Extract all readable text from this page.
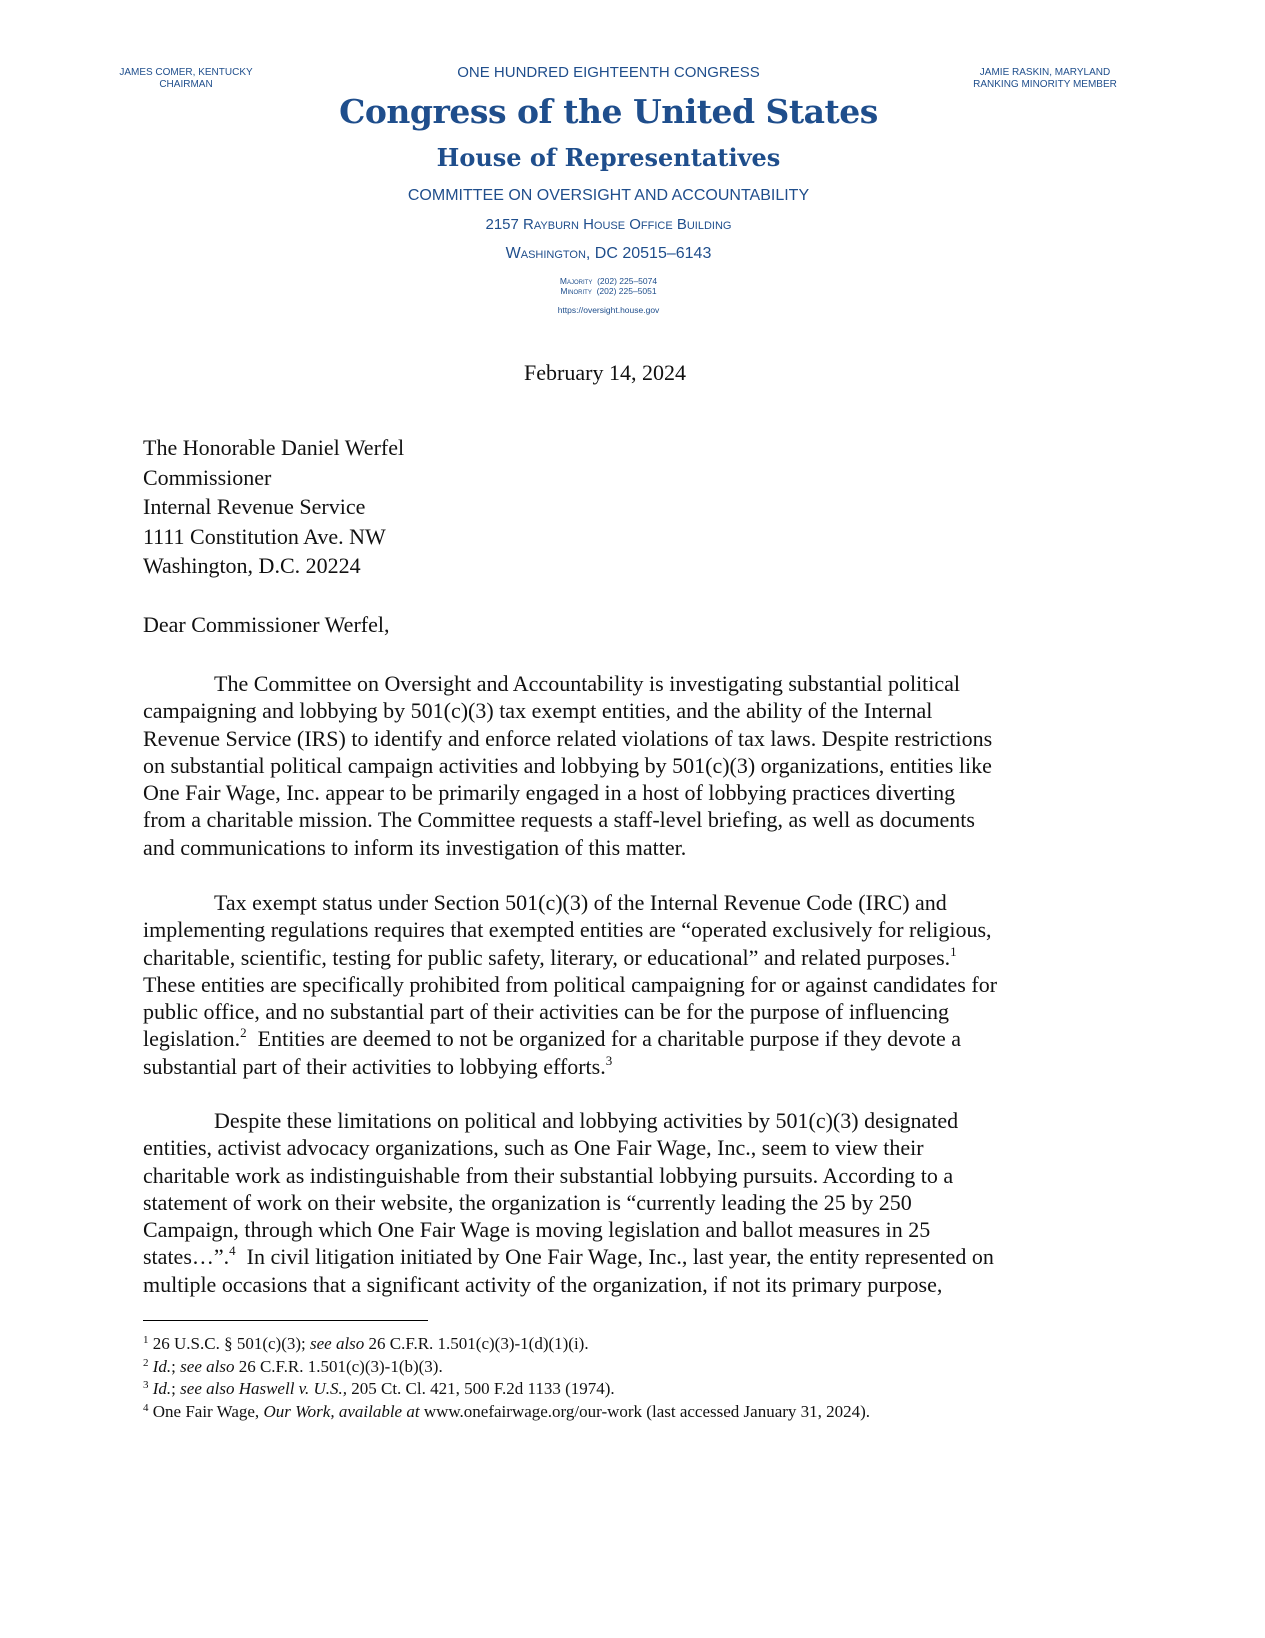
JAMES COMER, KENTUCKY
CHAIRMAN
JAMIE RASKIN, MARYLAND
RANKING MINORITY MEMBER
ONE HUNDRED EIGHTEENTH CONGRESS
Congress of the United States
House of Representatives
COMMITTEE ON OVERSIGHT AND ACCOUNTABILITY
2157 Rayburn House Office Building
Washington, DC 20515–6143
Majority (202) 225–5074
Minority (202) 225–5051
https://oversight.house.gov
February 14, 2024
The Honorable Daniel Werfel
Commissioner
Internal Revenue Service
1111 Constitution Ave. NW
Washington, D.C. 20224
Dear Commissioner Werfel,
The Committee on Oversight and Accountability is investigating substantial political
campaigning and lobbying by 501(c)(3) tax exempt entities, and the ability of the Internal
Revenue Service (IRS) to identify and enforce related violations of tax laws. Despite restrictions
on substantial political campaign activities and lobbying by 501(c)(3) organizations, entities like
One Fair Wage, Inc. appear to be primarily engaged in a host of lobbying practices diverting
from a charitable mission. The Committee requests a staff-level briefing, as well as documents
and communications to inform its investigation of this matter.
Tax exempt status under Section 501(c)(3) of the Internal Revenue Code (IRC) and
implementing regulations requires that exempted entities are “operated exclusively for religious,
charitable, scientific, testing for public safety, literary, or educational” and related purposes.$^1$
These entities are specifically prohibited from political campaigning for or against candidates for
public office, and no substantial part of their activities can be for the purpose of influencing
legislation.$^2$  Entities are deemed to not be organized for a charitable purpose if they devote a
substantial part of their activities to lobbying efforts.$^3$
Despite these limitations on political and lobbying activities by 501(c)(3) designated
entities, activist advocacy organizations, such as One Fair Wage, Inc., seem to view their
charitable work as indistinguishable from their substantial lobbying pursuits. According to a
statement of work on their website, the organization is “currently leading the 25 by 250
Campaign, through which One Fair Wage is moving legislation and ballot measures in 25
states…”.$^4$  In civil litigation initiated by One Fair Wage, Inc., last year, the entity represented on
multiple occasions that a significant activity of the organization, if not its primary purpose,
$^1$ 26 U.S.C. § 501(c)(3); see also 26 C.F.R. 1.501(c)(3)-1(d)(1)(i).
$^2$ Id.; see also 26 C.F.R. 1.501(c)(3)-1(b)(3).
$^3$ Id.; see also Haswell v. U.S., 205 Ct. Cl. 421, 500 F.2d 1133 (1974).
$^4$ One Fair Wage, Our Work, available at www.onefairwage.org/our-work (last accessed January 31, 2024).
